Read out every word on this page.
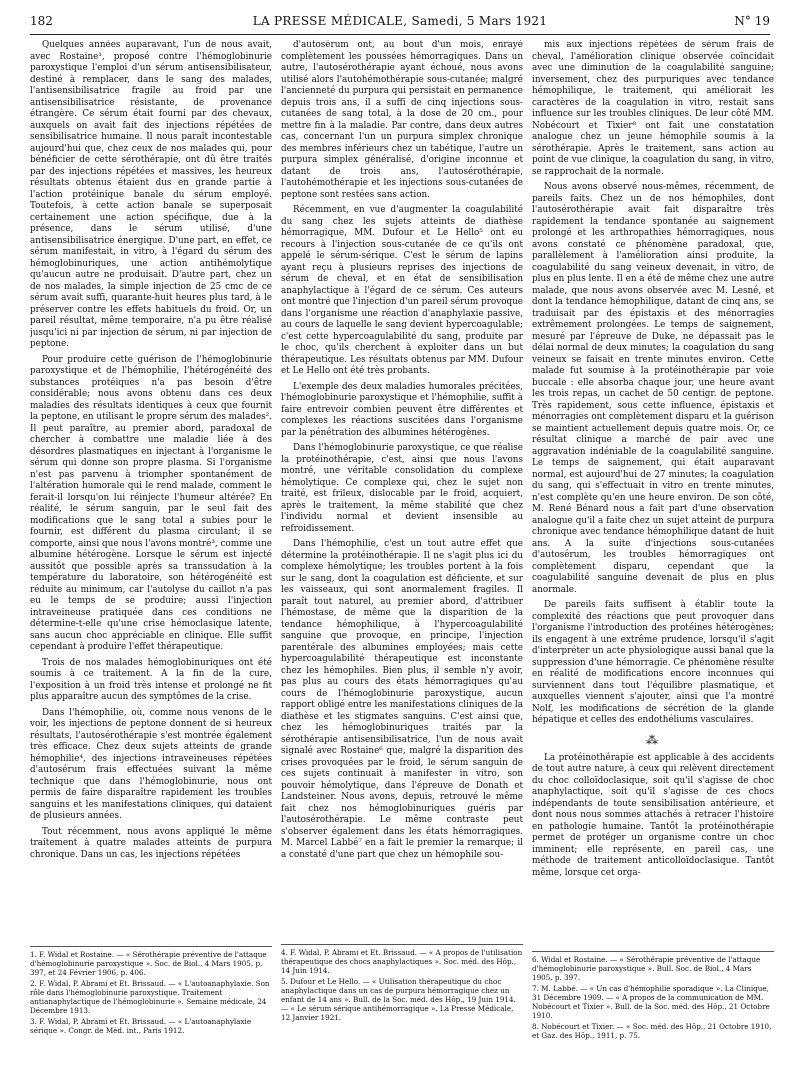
182	LA PRESSE MÉDICALE, Samedi, 5 Mars 1921	N° 19

Quelques années auparavant, l'un de nous avait, avec Rostaine¹, proposé contre l'hémoglobinurie paroxystique l'emploi d'un sérum antisensibilisateur, destiné à remplacer, dans le sang des malades, l'antisensibilisatrice fragile au froid par une antisensibilisatrice résistante, de provenance étrangère. Ce sérum était fourni par des chevaux, auxquels on avait fait des injections répétées de sensibilisatrice humaine. Il nous paraît incontestable aujourd'hui que, chez ceux de nos malades qui, pour bénéficier de cette sérothérapie, ont dû être traités par des injections répétées et massives, les heureux résultats obtenus étaient dus en grande partie à l'action protéinique banale du sérum employé. Toutefois, à cette action banale se superposait certainement une action spécifique, due à la présence, dans le sérum utilisé, d'une antisensibilisatrice énergique. D'une part, en effet, ce sérum manifestait, in vitro, à l'égard du sérum des hémoglobinuriques, une action antihémolytique qu'aucun autre ne produisait. D'autre part, chez un de nos malades, la simple injection de 25 cmc de ce sérum avait suffi, quarante-huit heures plus tard, à le préserver contre les effets habituels du froid. Or, un pareil résultat, même temporaire, n'a pu être réalisé jusqu'ici ni par injection de sérum, ni par injection de peptone.

Pour produire cette guérison de l'hémoglobinurie paroxystique et de l'hémophilie, l'hétérogénéité des substances protéiques n'a pas besoin d'être considérable; nous avons obtenu dans ces deux maladies des résultats identiques à ceux que fournit la peptone, en utilisant le propre sérum des malades². Il peut paraître, au premier abord, paradoxal de chercher à combattre une maladie liée à des désordres plasmatiques en injectant à l'organisme le sérum qui donne son propre plasma. Si l'organisme n'est pas parvenu à triompher spontanément de l'altération humorale qui le rend malade, comment le ferait-il lorsqu'on lui réinjecte l'humeur altérée? En réalité, le sérum sanguin, par le seul fait des modifications que le sang total a subies pour le fournir, est différent du plasma circulant; il se comporte, ainsi que nous l'avons montré³, comme une albumine hétérogène. Lorsque le sérum est injecté aussitôt que possible après sa transsudation à la température du laboratoire, son hétérogénéité est réduite au minimum, car l'autolyse du caillot n'a pas eu le temps de se produire; aussi l'injection intraveineuse pratiquée dans ces conditions ne détermine-t-elle qu'une crise hémoclasique latente, sans aucun choc appréciable en clinique. Elle suffit cependant à produire l'effet thérapeutique.

Trois de nos malades hémoglobinuriques ont été soumis à ce traitement. A la fin de la cure, l'exposition à un froid très intense et prolongé ne fit plus apparaître aucun des symptômes de la crise.

Dans l'hémophilie, où, comme nous venons de le voir, les injections de peptone donnent de si heureux résultats, l'autosérothérapie s'est montrée également très efficace. Chez deux sujets atteints de grande hémophilie⁴, des injections intraveineuses répétées d'autosérum frais effectuées suivant la même technique que dans l'hémoglobinurie, nous ont permis de faire disparaître rapidement les troubles sanguins et les manifestations cliniques, qui dataient de plusieurs années.

Tout récemment, nous avons appliqué le même traitement à quatre malades atteints de purpura chronique. Dans un cas, les injections répétées

1. F. Widal et Rostaine. — « Sérothérapie préventive de l'attaque d'hémoglobinurie paroxystique ». Soc. de Biol., 4 Mars 1905, p. 397, et 24 Février 1906, p. 406.

2. F. Widal, P. Abrami et Et. Brissaud. — « L'autoanaphylaxie. Son rôle dans l'hémoglobinurie paroxystique. Traitement antianaphylactique de l'hémoglobinurie ». Semaine médicale, 24 Décembre 1913.

3. F. Widal, P. Abrami et Et. Brissaud. — « L'autoanaphylaxie sérique ». Congr. de Méd. int., Paris 1912.

d'autosérum ont, au bout d'un mois, enrayé complètement les poussées hémorragiques. Dans un autre, l'autosérothérapie ayant échoué, nous avons utilisé alors l'autohémothérapie sous-cutanée; malgré l'ancienneté du purpura qui persistait en permanence depuis trois ans, il a suffi de cinq injections sous-cutanées de sang total, à la dose de 20 cm., pour mettre fin à la maladie. Par contre, dans deux autres cas, concernant l'un un purpura simplex chronique des membres inférieurs chez un tabétique, l'autre un purpura simplex généralisé, d'origine inconnue et datant de trois ans, l'autosérothérapie, l'autohémothérapie et les injections sous-cutanées de peptone sont restées sans action.

Récemment, en vue d'augmenter la coagulabilité du sang chez les sujets atteints de diathèse hémorragique, MM. Dufour et Le Hello⁵ ont eu recours à l'injection sous-cutanée de ce qu'ils ont appelé le sérum-sérique. C'est le sérum de lapins ayant reçu à plusieurs reprises des injections de sérum de cheval, et en état de sensibilisation anaphylactique à l'égard de ce sérum. Ces auteurs ont montré que l'injection d'un pareil sérum provoque dans l'organisme une réaction d'anaphylaxie passive, au cours de laquelle le sang devient hypercoagulable; c'est cette hypercoagulabilité du sang, produite par le choc, qu'ils cherchent à exploiter dans un but thérapeutique. Les résultats obtenus par MM. Dufour et Le Hello ont été très probants.

L'exemple des deux maladies humorales précitées, l'hémoglobinurie paroxystique et l'hémophilie, suffit à faire entrevoir combien peuvent être différentes et complexes les réactions suscitées dans l'organisme par la pénétration des albumines hétérogènes.

Dans l'hémoglobinurie paroxystique, ce que réalise la protéinothérapie, c'est, ainsi que nous l'avons montré, une véritable consolidation du complexe hémolytique. Ce complexe qui, chez le sujet non traité, est frileux, dislocable par le froid, acquiert, après le traitement, la même stabilité que chez l'individu normal et devient insensible au refroidissement.

Dans l'hémophilie, c'est un tout autre effet que détermine la protéinothérapie. Il ne s'agit plus ici du complexe hémolytique; les troubles portent à la fois sur le sang, dont la coagulation est déficiente, et sur les vaisseaux, qui sont anormalement fragiles. Il paraît tout naturel, au premier abord, d'attribuer l'hémostase, de même que la disparition de la tendance hémophilique, à l'hypercoagulabilité sanguine que provoque, en principe, l'injection parentérale des albumines employées; mais cette hypercoagulabilité thérapeutique est inconstante chez les hémophiles. Bien plus, il semble n'y avoir, pas plus au cours des états hémorragiques qu'au cours de l'hémoglobinurie paroxystique, aucun rapport obligé entre les manifestations cliniques de la diathèse et les stigmates sanguins. C'est ainsi que, chez les hémoglobinuriques traités par la sérothérapie antisensibilisatrice, l'un de nous avait signalé avec Rostaine⁶ que, malgré la disparition des crises provoquées par le froid, le sérum sanguin de ces sujets continuait à manifester in vitro, son pouvoir hémolytique, dans l'épreuve de Donath et Landsteiner. Nous avons, depuis, retrouvé le même fait chez nos hémoglobinuriques guéris par l'autosérothérapie. Le même contraste peut s'observer également dans les états hémorragiques. M. Marcel Labbé⁷ en a fait le premier la remarque; il a constaté d'une part que chez un hémophile sou-

4. F. Widal, P. Abrami et Et. Brissaud. — « A propos de l'utilisation thérapeutique des chocs anaphylactiques ». Soc. méd. des Hôp., 14 Juin 1914.

5. Dufour et Le Hello. — « Utilisation thérapeutique du choc anaphylactique dans un cas de purpura hémorragique chez un enfant de 14 ans ». Bull. de la Soc. méd. des Hôp., 19 Juin 1914. — « Le sérum sérique antihémorragique ». La Presse Médicale, 12 Janvier 1921.

mis aux injections répétées de sérum frais de cheval, l'amélioration clinique observée coïncidait avec une diminution de la coagulabilité sanguine; inversement, chez des purpuriques avec tendance hémophilique, le traitement, qui améliorait les caractères de la coagulation in vitro, restait sans influence sur les troubles cliniques. De leur côté MM. Nobécourt et Tixier⁸ ont fait une constatation analogue chez un jeune hémophile soumis à la sérothérapie. Après le traitement, sans action au point de vue clinique, la coagulation du sang, in vitro, se rapprochait de la normale.

Nous avons observé nous-mêmes, récemment, de pareils faits. Chez un de nos hémophiles, dont l'autosérothérapie avait fait disparaître très rapidement la tendance spontanée au saignement prolongé et les arthropathies hémorragiques, nous avons constaté ce phénomène paradoxal, que, parallèlement à l'amélioration ainsi produite, la coagulabilité du sang veineux devenait, in vitro, de plus en plus lente. Il en a été de même chez une autre malade, que nous avons observée avec M. Lesné, et dont la tendance hémophilique, datant de cinq ans, se traduisait par des épistaxis et des ménorragies extrêmement prolongées. Le temps de saignement, mesuré par l'épreuve de Duke, ne dépassait pas le délai normal de deux minutes; la coagulation du sang veineux se faisait en trente minutes environ. Cette malade fut soumise à la protéinothérapie par voie buccale : elle absorba chaque jour, une heure avant les trois repas, un cachet de 50 centigr. de peptone. Très rapidement, sous cette influence, épistaxis et ménorragies ont complètement disparu et la guérison se maintient actuellement depuis quatre mois. Or, ce résultat clinique a marché de pair avec une aggravation indéniable de la coagulabilité sanguine. Le temps de saignement, qui était auparavant normal, est aujourd'hui de 27 minutes; la coagulation du sang, qui s'effectuait in vitro en trente minutes, n'est complète qu'en une heure environ. De son côté, M. René Bénard nous a fait part d'une observation analogue qu'il a faite chez un sujet atteint de purpura chronique avec tendance hémophilique datant de huit ans. A la suite d'injections sous-cutanées d'autosérum, les troubles hémorragiques ont complètement disparu, cependant que la coagulabilité sanguine devenait de plus en plus anormale.

De pareils faits suffisent à établir toute la complexité des réactions que peut provoquer dans l'organisme l'introduction des protéines hétérogènes; ils engagent à une extrême prudence, lorsqu'il s'agit d'interpréter un acte physiologique aussi banal que la suppression d'une hémorragie. Ce phénomène résulte en réalité de modifications encore inconnues qui surviennent dans tout l'équilibre plasmatique, et auxquelles viennent s'ajouter, ainsi que l'a montré Nolf, les modifications de sécrétion de la glande hépatique et celles des endothéliums vasculaires.

⁂

La protéinothérapie est applicable à des accidents de tout autre nature, à ceux qui relèvent directement du choc colloïdoclasique, soit qu'il s'agisse de choc anaphylactique, soit qu'il s'agisse de ces chocs indépendants de toute sensibilisation antérieure, et dont nous nous sommes attachés à retracer l'histoire en pathologie humaine. Tantôt la protéinothérapie permet de protéger un organisme contre un choc imminent; elle représente, en pareil cas, une méthode de traitement anticolloïdoclasique. Tantôt même, lorsque cet orga-

6. Widal et Rostaine. — « Sérothérapie préventive de l'attaque d'hémoglobinurie paroxystique ». Bull. Soc. de Biol., 4 Mars 1905, p. 397.

7. M. Labbé. — « Un cas d'hémophilie sporadique ». La Clinique, 31 Décembre 1909. — « A propos de la communication de MM. Nobécourt et Tixier ». Bull. de la Soc. méd. des Hôp., 21 Octobre 1910.

8. Nobécourt et Tixier. — « Soc. méd. des Hôp., 21 Octobre 1910, et Gaz. des Hôp., 1911, p. 75.
